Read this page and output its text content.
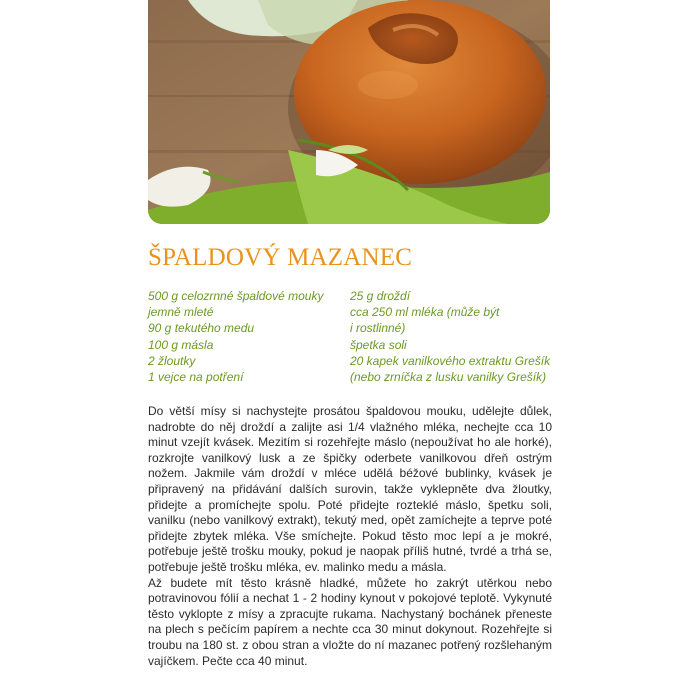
ŠPALDOVÝ MAZANEC
500 g celozrnné špaldové mouky
jemně mleté
90 g tekutého medu
100 g másla
2 žloutky
1 vejce na potření
25 g droždí
cca 250 ml mléka (může být
i rostlinné)
špetka soli
20 kapek vanilkového extraktu Grešík
(nebo zrníčka z lusku vanilky Grešík)

Do větší mísy si nachystejte prosátou špaldovou mouku, udělejte důlek, nadrobte do něj droždí a zalijte asi 1/4 vlažného mléka, nechejte cca 10 minut vzejít kvásek. Mezitím si rozehřejte máslo (nepoužívat ho ale horké), rozkrojte vanilkový lusk a ze špičky oderbete vanilkovou dřeň ostrým nožem. Jakmile vám droždí v mléce udělá béžové bublinky, kvásek je připravený na přidávání dalších surovin, takže vyklepněte dva žloutky, přidejte a promíchejte spolu. Poté přidejte rozteklé máslo, špetku soli, vanilku (nebo vanilkový extrakt), tekutý med, opět zamíchejte a teprve poté přidejte zbytek mléka. Vše smíchejte. Pokud těsto moc lepí a je mokré, potřebuje ještě trošku mouky, pokud je naopak příliš hutné, tvrdé a trhá se, potřebuje ještě trošku mléka, ev. malinko medu a másla.

Až budete mít těsto krásně hladké, můžete ho zakrýt utěrkou nebo potravinovou fólií a nechat 1 - 2 hodiny kynout v pokojové teplotě. Vykynuté těsto vyklopte z mísy a zpracujte rukama. Nachystaný bochánek přeneste na plech s pečícím papírem a nechte cca 30 minut dokynout. Rozehřejte si troubu na 180 st. z obou stran a vložte do ní mazanec potřený rozšlehaným vajíčkem. Pečte cca 40 minut.
